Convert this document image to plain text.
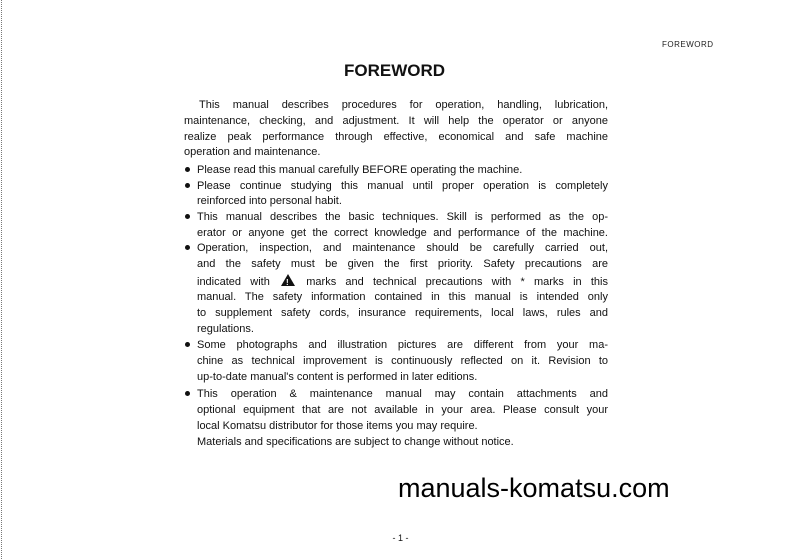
FOREWORD
FOREWORD
This manual describes procedures for operation, handling, lubrication,
maintenance, checking, and adjustment. It will help the operator or anyone
realize peak performance through effective, economical and safe machine
operation and maintenance.
Please read this manual carefully BEFORE operating the machine.
Please continue studying this manual until proper operation is completely
reinforced into personal habit.
This manual describes the basic techniques. Skill is performed as the op-
erator or anyone get the correct knowledge and performance of the machine.
Operation, inspection, and maintenance should be carefully carried out,
and the safety must be given the first priority. Safety precautions are
indicated with !	marks and technical precautions with * marks in this
manual. The safety information contained in this manual is intended only
to supplement safety cords, insurance requirements, local laws, rules and
regulations.
Some photographs and illustration pictures are different from your ma-
chine as technical improvement is continuously reflected on it. Revision to
up-to-date manual's content is performed in later editions.
This operation & maintenance manual may contain attachments and
optional equipment that are not available in your area. Please consult your
local Komatsu distributor for those items you may require.
Materials and specifications are subject to change without notice.
manuals-komatsu.com
- 1 -
